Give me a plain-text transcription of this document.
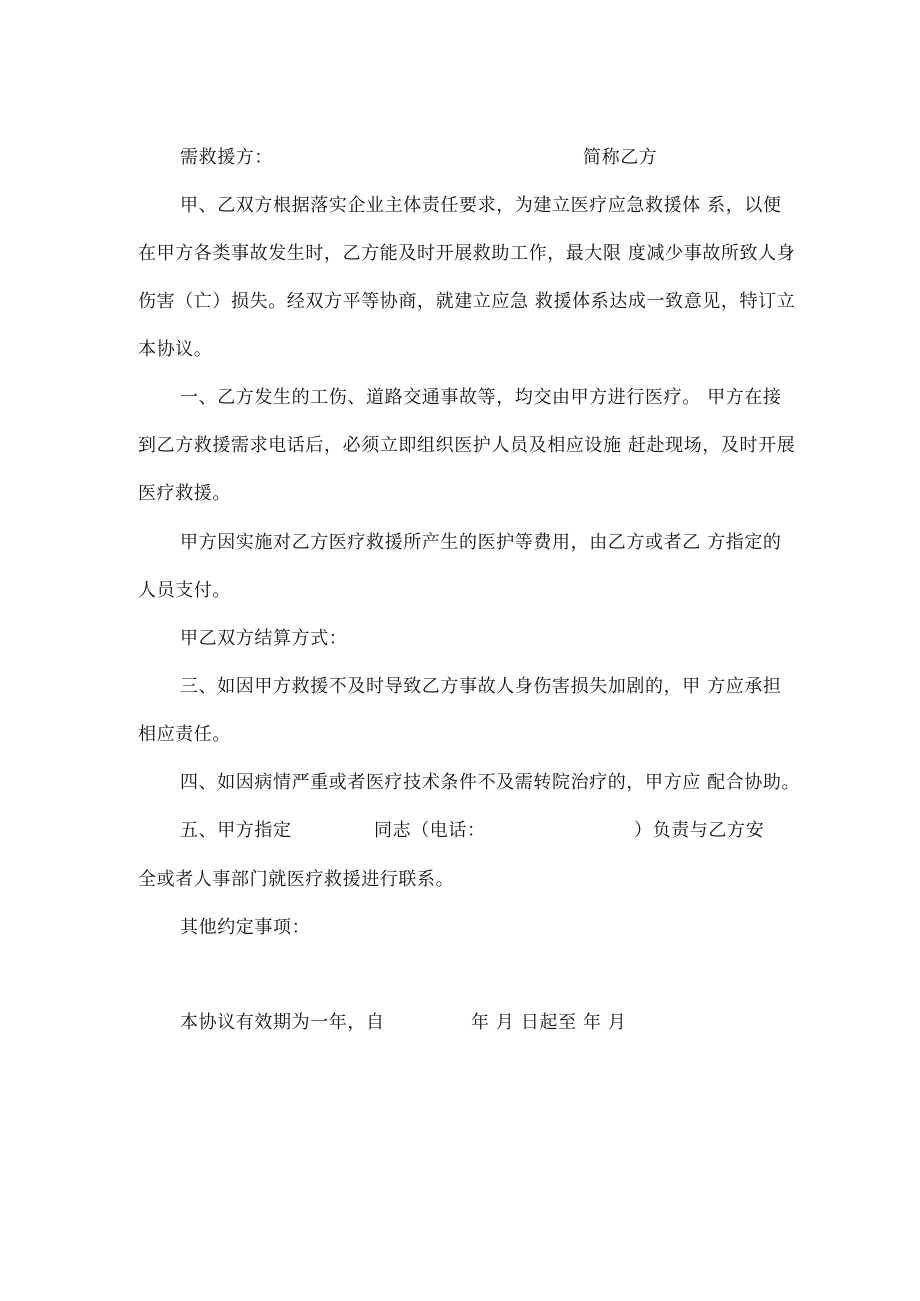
需救援方：	简称乙方
甲、乙双方根据落实企业主体责任要求，为建立医疗应急救援体 系，以便
在甲方各类事故发生时，乙方能及时开展救助工作，最大限 度减少事故所致人身
伤害（亡）损失。经双方平等协商，就建立应急 救援体系达成一致意见，特订立
本协议。
一、乙方发生的工伤、道路交通事故等，均交由甲方进行医疗。 甲方在接
到乙方救援需求电话后，必须立即组织医护人员及相应设施 赶赴现场，及时开展
医疗救援。
甲方因实施对乙方医疗救援所产生的医护等费用，由乙方或者乙 方指定的
人员支付。
甲乙双方结算方式：
三、如因甲方救援不及时导致乙方事故人身伤害损失加剧的，甲 方应承担
相应责任。
四、如因病情严重或者医疗技术条件不及需转院治疗的，甲方应 配合协助。
五、甲方指定	同志（电话：	）负责与乙方安
全或者人事部门就医疗救援进行联系。
其他约定事项：
本协议有效期为一年，自	年 月 日起至 年 月
